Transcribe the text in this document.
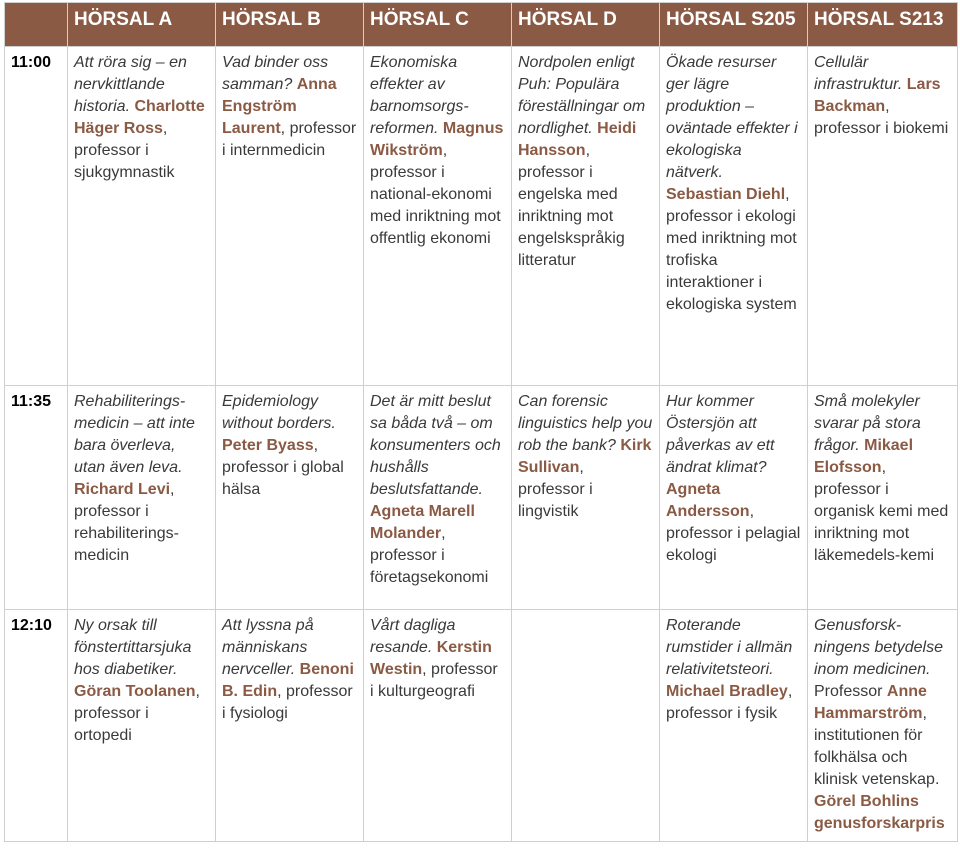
	HÖRSAL A	HÖRSAL B	HÖRSAL C	HÖRSAL D	HÖRSAL S205	HÖRSAL S213
11:00	Att röra sig – en nervkittlande historia. Charlotte Häger Ross, professor i sjukgymnastik	Vad binder oss samman? Anna Engström Laurent, professor i internmedicin	Ekonomiska effekter av barnomsorgs-reformen. Magnus Wikström, professor i national-ekonomi med inriktning mot offentlig ekonomi	Nordpolen enligt Puh: Populära föreställningar om nordlighet. Heidi Hansson, professor i engelska med inriktning mot engelskspråkig litteratur	Ökade resurser ger lägre produktion – oväntade effekter i ekologiska nätverk. Sebastian Diehl, professor i ekologi med inriktning mot trofiska interaktioner i ekologiska system	Cellulär infrastruktur. Lars Backman, professor i biokemi
11:35	Rehabiliterings-medicin – att inte bara överleva, utan även leva. Richard Levi, professor i rehabiliterings-medicin	Epidemiology without borders. Peter Byass, professor i global hälsa	Det är mitt beslut sa båda två – om konsumenters och hushålls beslutsfattande. Agneta Marell Molander, professor i företagsekonomi	Can forensic linguistics help you rob the bank? Kirk Sullivan, professor i lingvistik	Hur kommer Östersjön att påverkas av ett ändrat klimat? Agneta Andersson, professor i pelagial ekologi	Små molekyler svarar på stora frågor. Mikael Elofsson, professor i organisk kemi med inriktning mot läkemedels-kemi
12:10	Ny orsak till fönstertittarsjuka hos diabetiker. Göran Toolanen, professor i ortopedi	Att lyssna på människans nervceller. Benoni B. Edin, professor i fysiologi	Vårt dagliga resande. Kerstin Westin, professor i kulturgeografi		Roterande rumstider i allmän relativitetsteori. Michael Bradley, professor i fysik	Genusforsk-ningens betydelse inom medicinen. Professor Anne Hammarström, institutionen för folkhälsa och klinisk vetenskap. Görel Bohlins genusforskarpris
